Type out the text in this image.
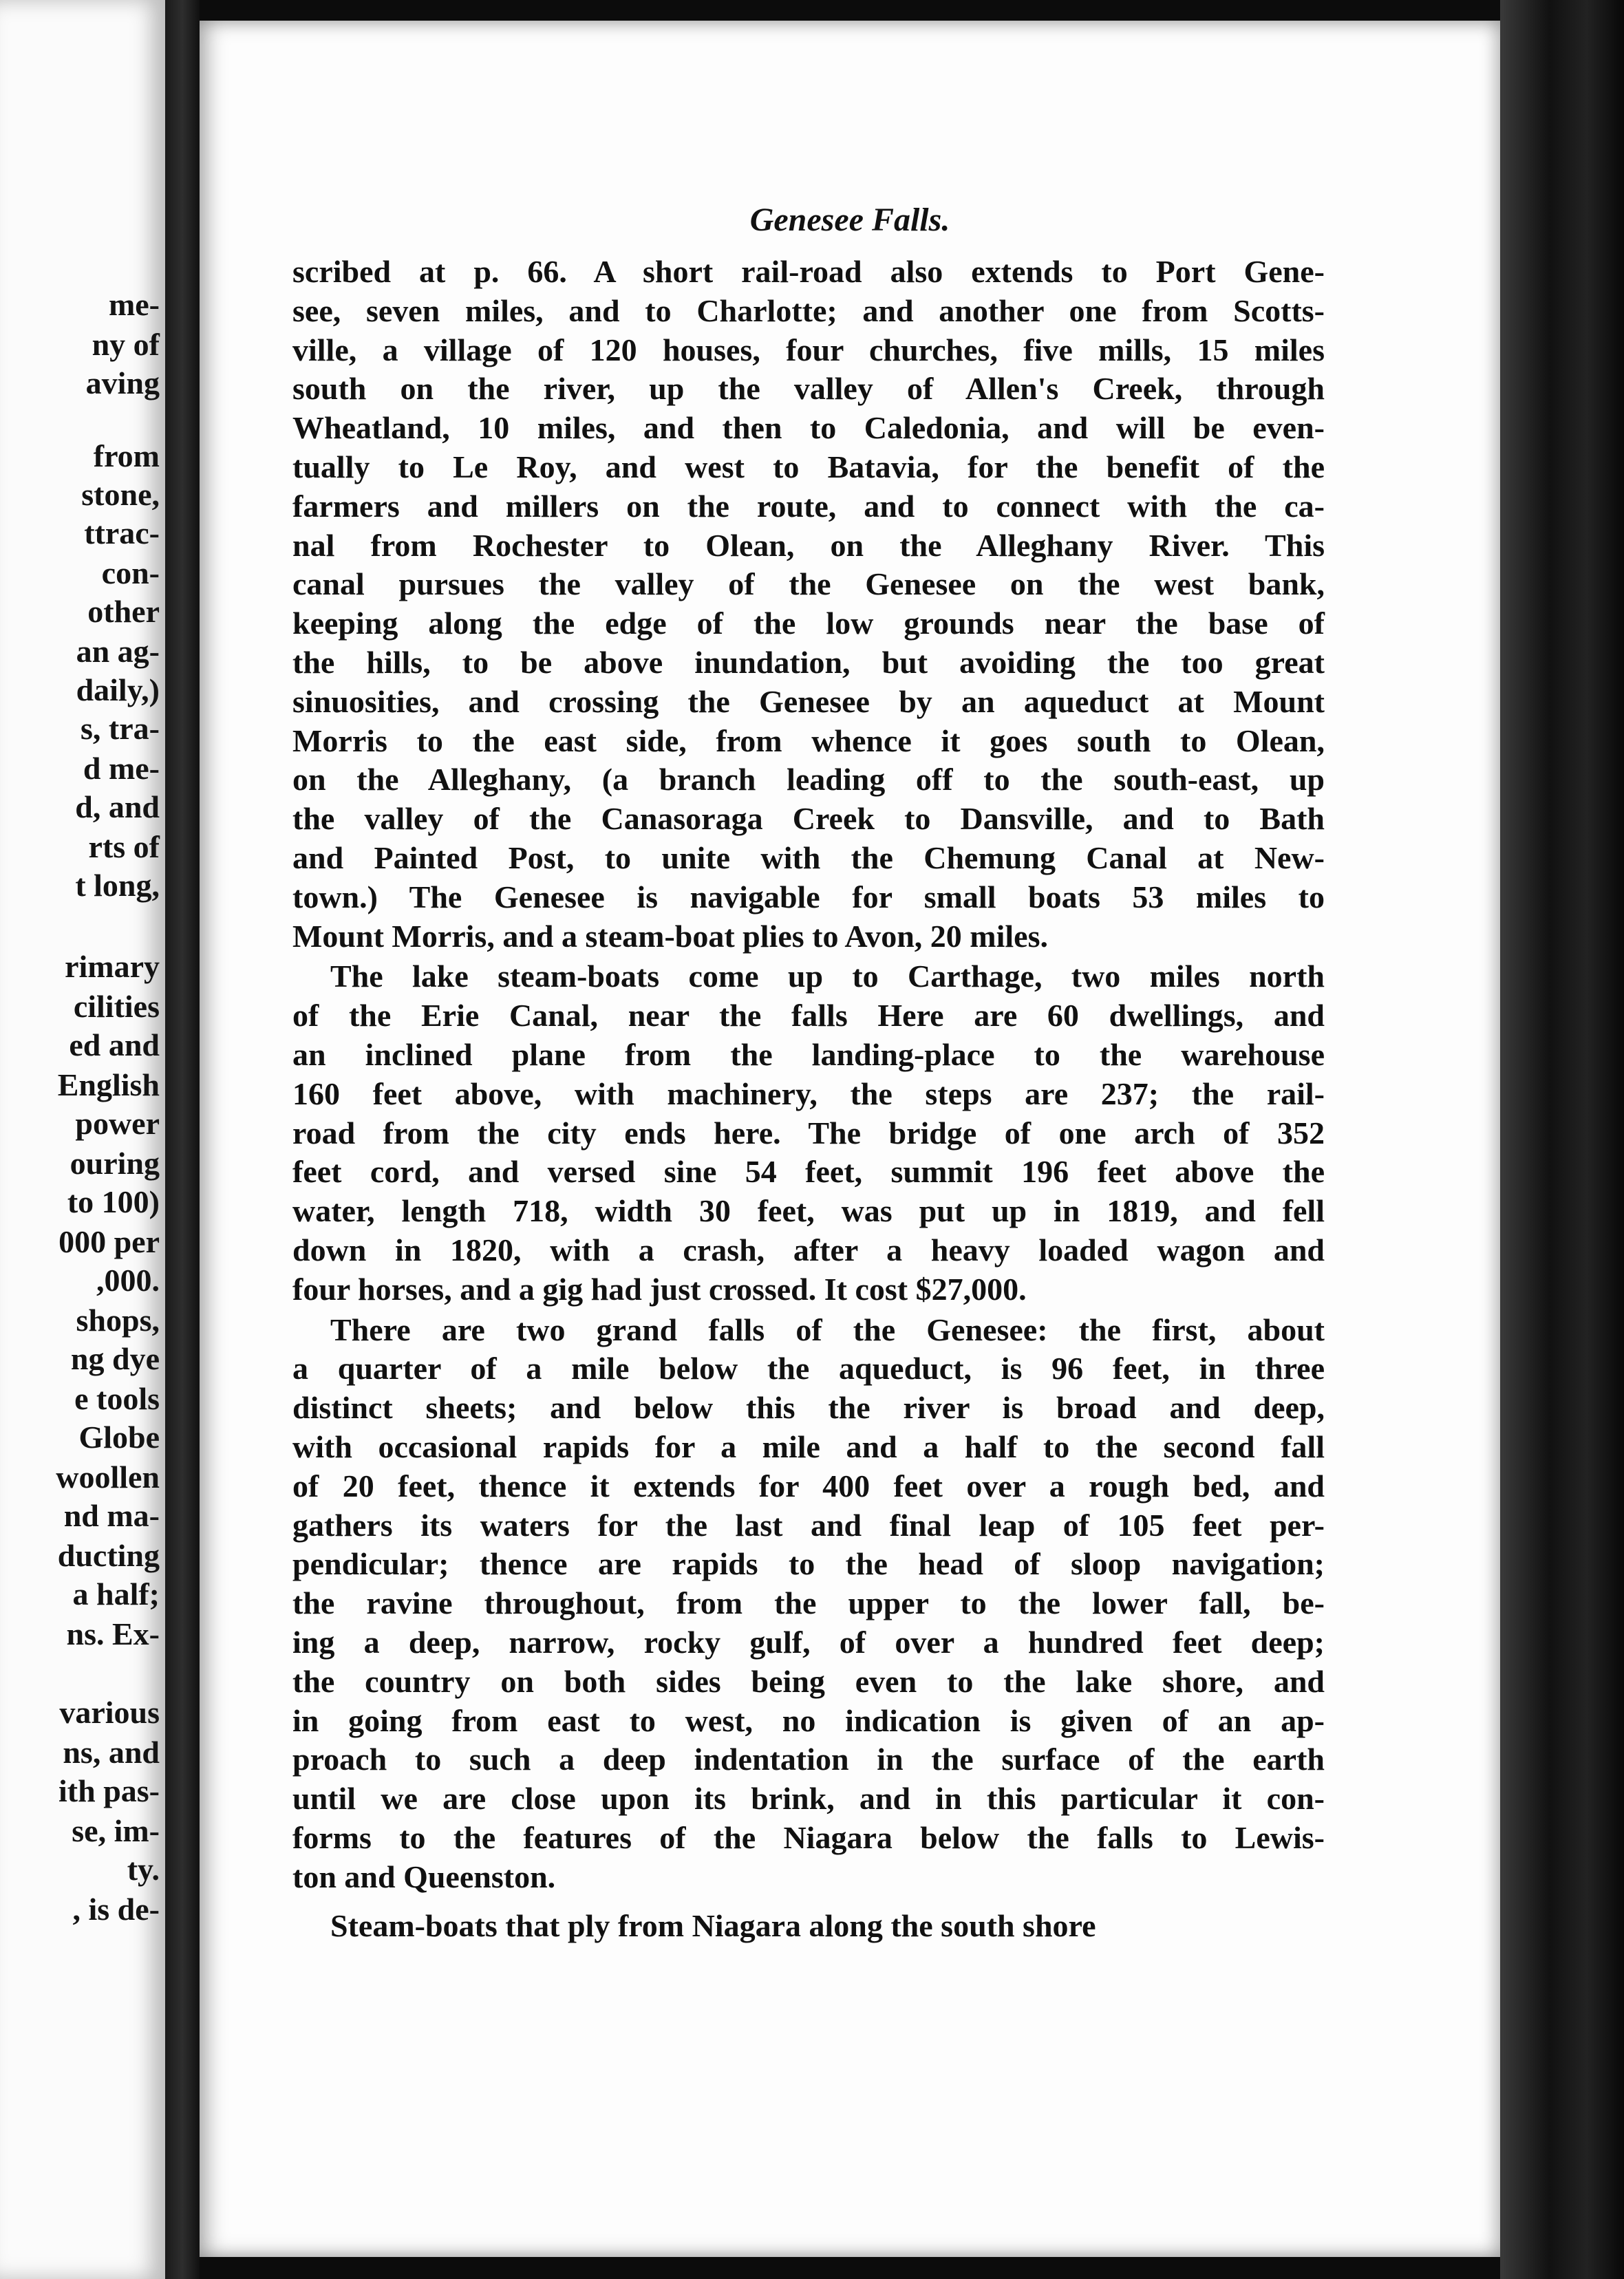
me-
ny of
aving
from
stone,
ttrac-
con-
other
an ag-
daily,)
s, tra-
d me-
d, and
rts of
t long,
rimary
cilities
ed and
English
power
ouring
to 100)
000 per
,000.
shops,
ng dye
e tools
Globe
woollen
nd ma-
ducting
a half;
ns. Ex-
various
ns, and
ith pas-
se, im-
ty.
, is de-
Genesee Falls.
scribed at p. 66. A short rail-road also extends to Port Gene-
see, seven miles, and to Charlotte; and another one from Scotts-
ville, a village of 120 houses, four churches, five mills, 15 miles
south on the river, up the valley of Allen's Creek, through
Wheatland, 10 miles, and then to Caledonia, and will be even-
tually to Le Roy, and west to Batavia, for the benefit of the
farmers and millers on the route, and to connect with the ca-
nal from Rochester to Olean, on the Alleghany River. This
canal pursues the valley of the Genesee on the west bank,
keeping along the edge of the low grounds near the base of
the hills, to be above inundation, but avoiding the too great
sinuosities, and crossing the Genesee by an aqueduct at Mount
Morris to the east side, from whence it goes south to Olean,
on the Alleghany, (a branch leading off to the south-east, up
the valley of the Canasoraga Creek to Dansville, and to Bath
and Painted Post, to unite with the Chemung Canal at New-
town.) The Genesee is navigable for small boats 53 miles to
Mount Morris, and a steam-boat plies to Avon, 20 miles.
The lake steam-boats come up to Carthage, two miles north
of the Erie Canal, near the falls Here are 60 dwellings, and
an inclined plane from the landing-place to the warehouse
160 feet above, with machinery, the steps are 237; the rail-
road from the city ends here. The bridge of one arch of 352
feet cord, and versed sine 54 feet, summit 196 feet above the
water, length 718, width 30 feet, was put up in 1819, and fell
down in 1820, with a crash, after a heavy loaded wagon and
four horses, and a gig had just crossed. It cost $27,000.
There are two grand falls of the Genesee: the first, about
a quarter of a mile below the aqueduct, is 96 feet, in three
distinct sheets; and below this the river is broad and deep,
with occasional rapids for a mile and a half to the second fall
of 20 feet, thence it extends for 400 feet over a rough bed, and
gathers its waters for the last and final leap of 105 feet per-
pendicular; thence are rapids to the head of sloop navigation;
the ravine throughout, from the upper to the lower fall, be-
ing a deep, narrow, rocky gulf, of over a hundred feet deep;
the country on both sides being even to the lake shore, and
in going from east to west, no indication is given of an ap-
proach to such a deep indentation in the surface of the earth
until we are close upon its brink, and in this particular it con-
forms to the features of the Niagara below the falls to Lewis-
ton and Queenston.
Steam-boats that ply from Niagara along the south shore
